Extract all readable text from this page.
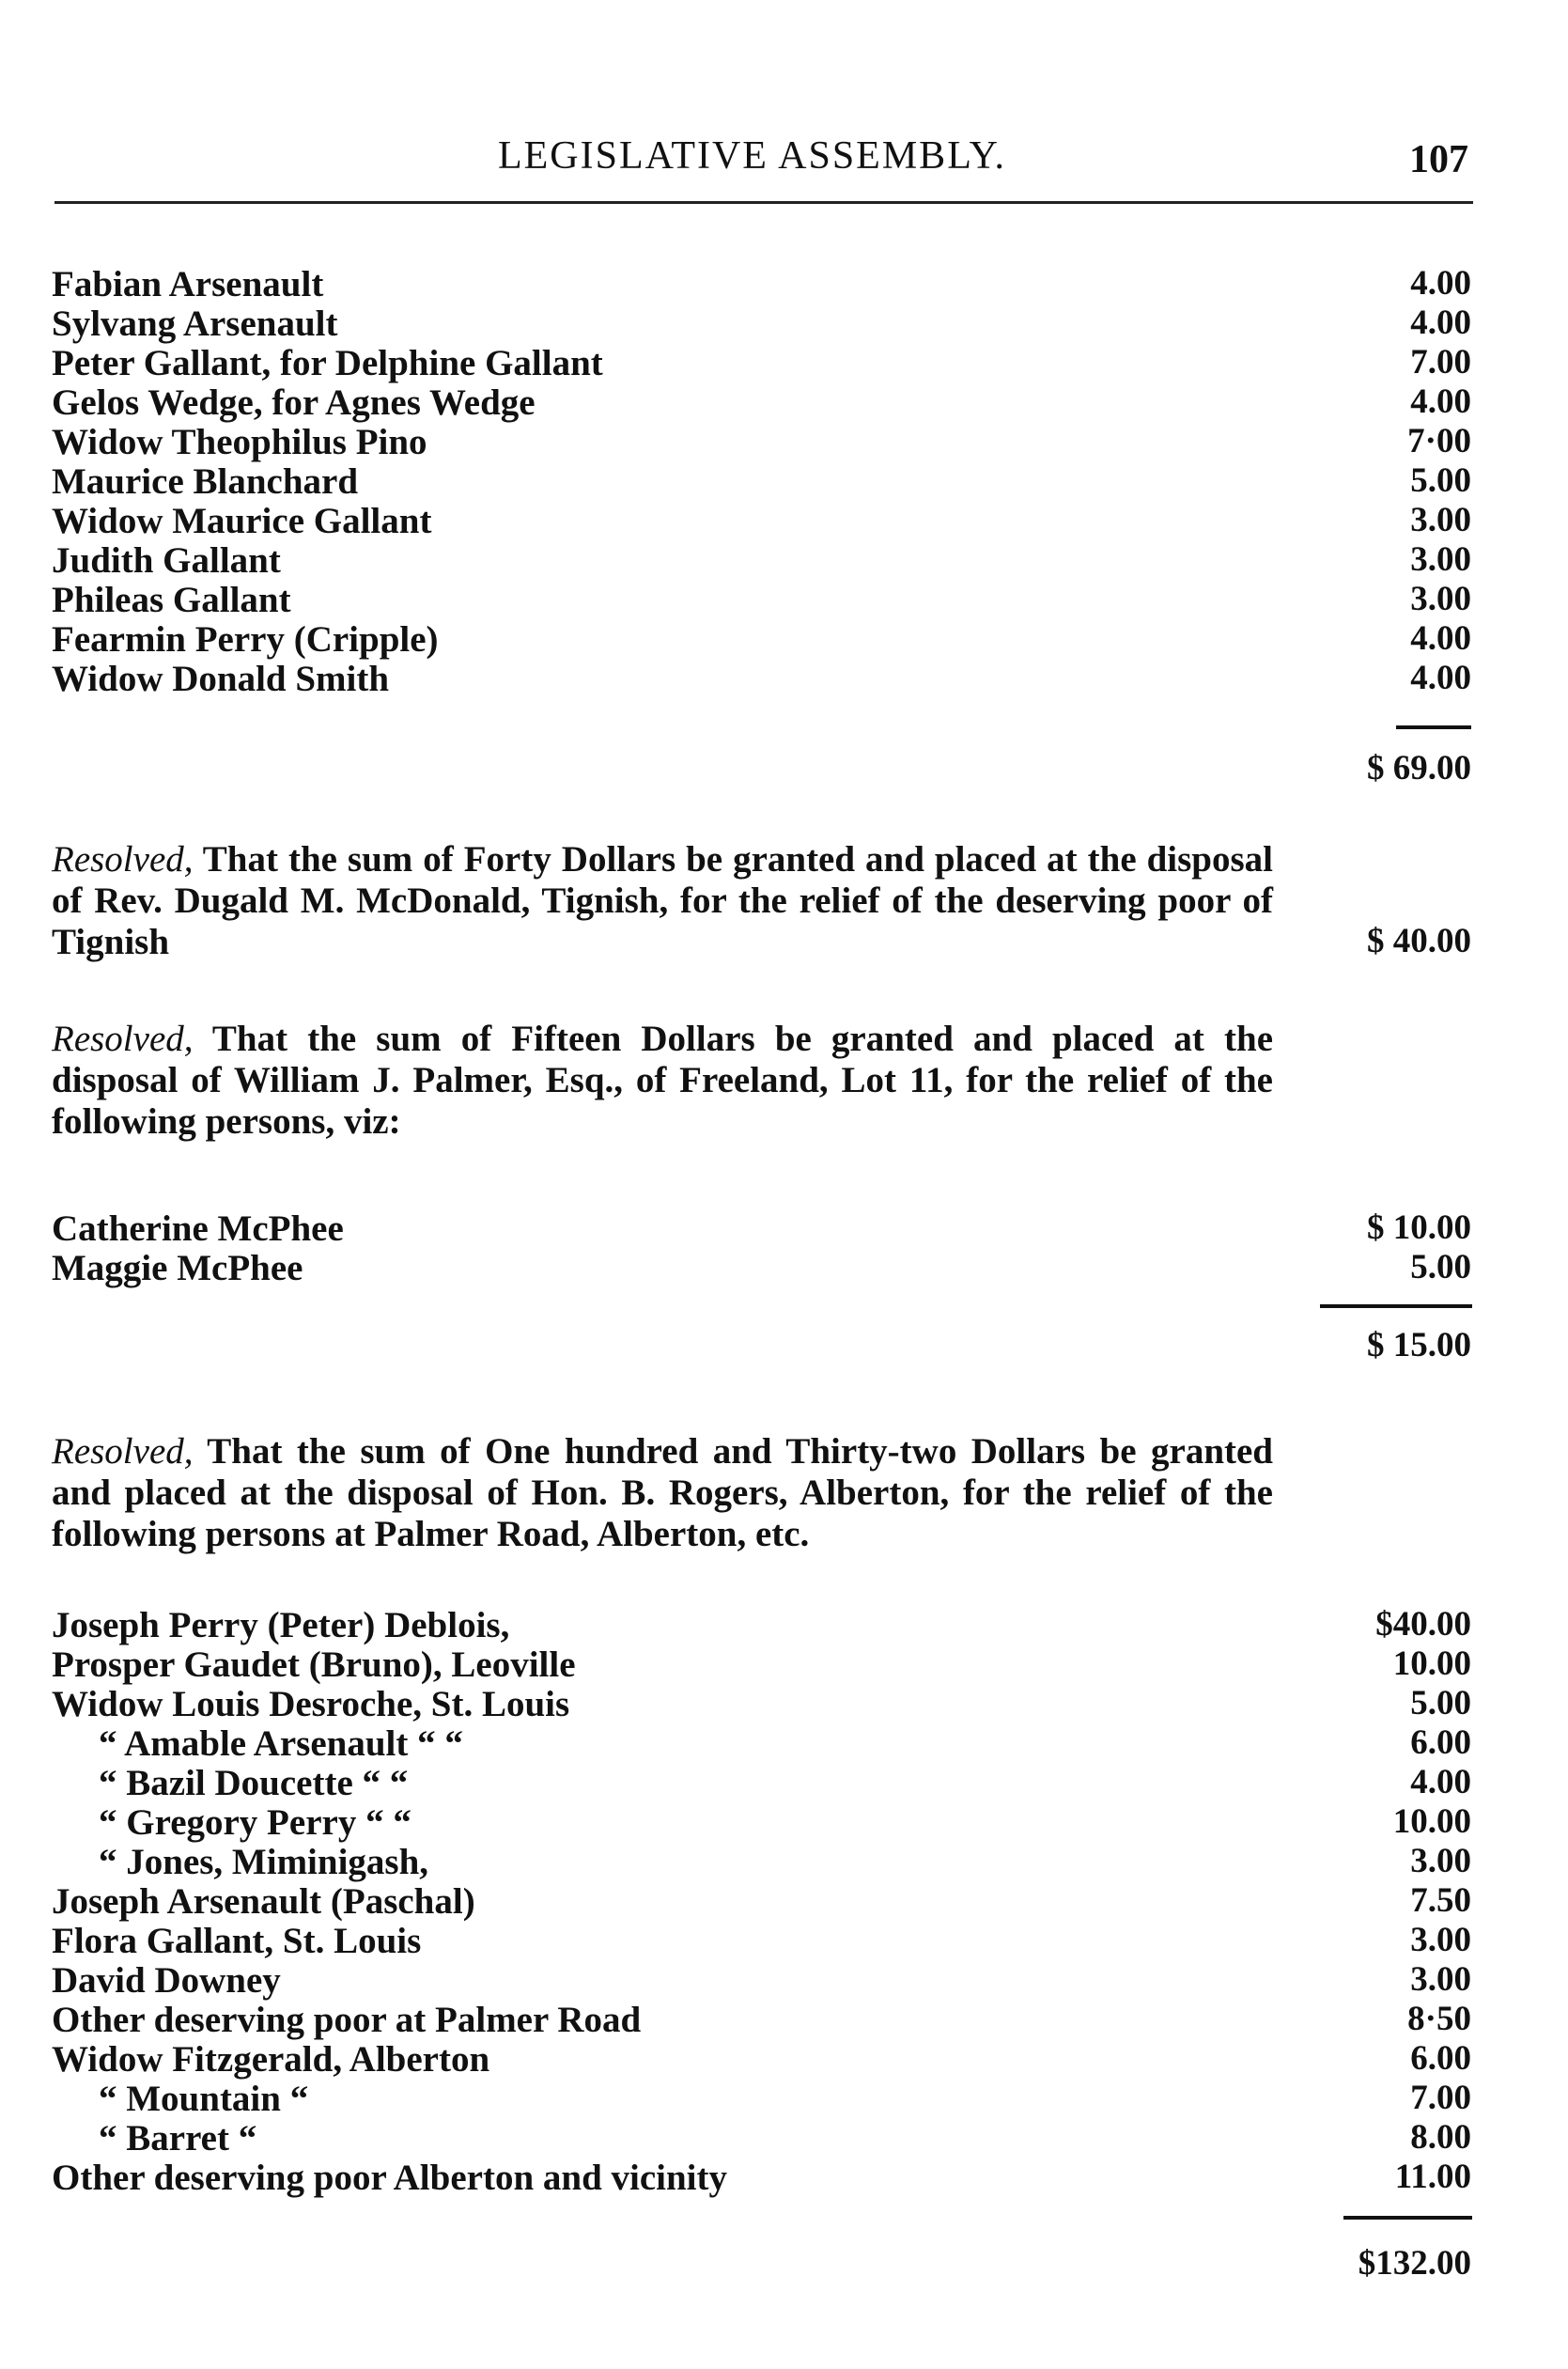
LEGISLATIVE ASSEMBLY.	107
Fabian Arsenault	4.00
Sylvang Arsenault	4.00
Peter Gallant, for Delphine Gallant	7.00
Gelos Wedge, for Agnes Wedge	4.00
Widow Theophilus Pino	7·00
Maurice Blanchard	5.00
Widow Maurice Gallant	3.00
Judith Gallant	3.00
Phileas Gallant	3.00
Fearmin Perry (Cripple)	4.00
Widow Donald Smith	4.00
$ 69.00
Resolved, That the sum of Forty Dollars be granted and placed at the disposal of Rev. Dugald M. McDonald, Tignish, for the relief of the deserving poor of Tignish	$ 40.00
Resolved, That the sum of Fifteen Dollars be granted and placed at the disposal of William J. Palmer, Esq., of Freeland, Lot 11, for the relief of the following persons, viz:
Catherine McPhee	$ 10.00
Maggie McPhee	5.00
$ 15.00
Resolved, That the sum of One hundred and Thirty-two Dollars be granted and placed at the disposal of Hon. B. Rogers, Alberton, for the relief of the following persons at Palmer Road, Alberton, etc.
Joseph Perry (Peter) Deblois,	$40.00
Prosper Gaudet (Bruno), Leoville	10.00
Widow Louis Desroche, St. Louis	5.00
“ Amable Arsenault “ “	6.00
“ Bazil Doucette “ “	4.00
“ Gregory Perry “ “	10.00
“ Jones, Miminigash,	3.00
Joseph Arsenault (Paschal)	7.50
Flora Gallant, St. Louis	3.00
David Downey	3.00
Other deserving poor at Palmer Road	8·50
Widow Fitzgerald, Alberton	6.00
“ Mountain “	7.00
“ Barret “	8.00
Other deserving poor Alberton and vicinity	11.00
$132.00
